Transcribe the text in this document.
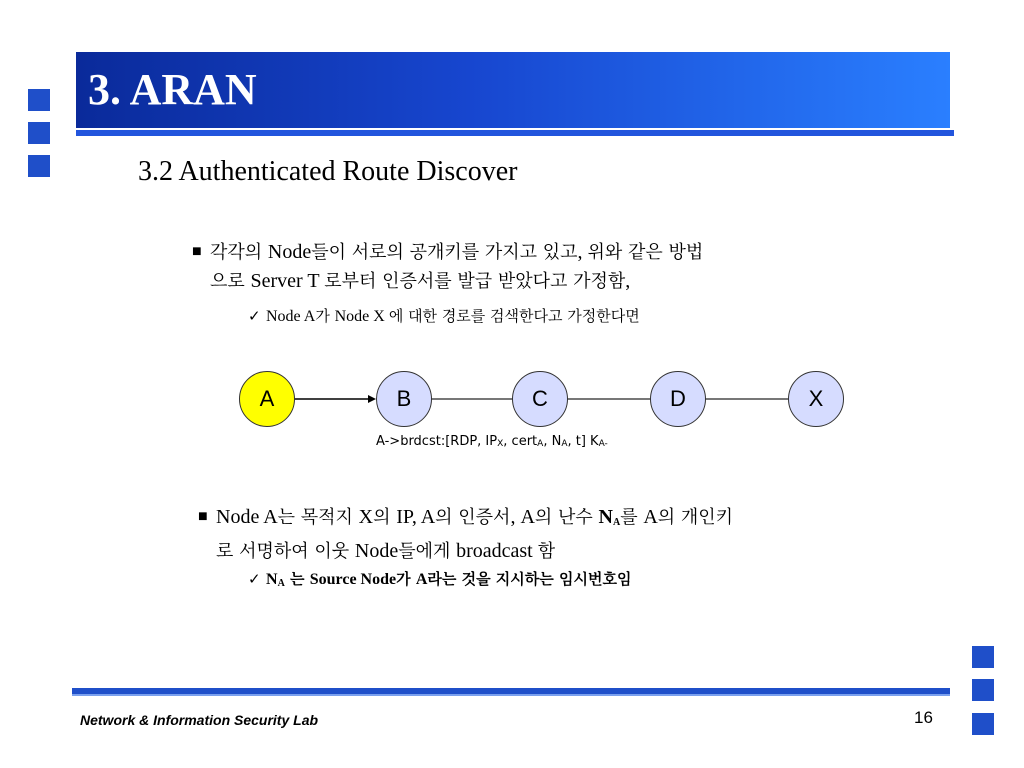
3. ARAN
3.2 Authenticated Route Discover
■ 각각의 Node들이 서로의 공개키를 가지고 있고, 위와 같은 방법
으로 Server T 로부터 인증서를 발급 받았다고 가정함,
✓ Node A가 Node X 에 대한 경로를 검색한다고 가정한다면
A	B	C	D	X
A->brdcst:[RDP, IPX, certA, NA, t] KA-
■ Node A는 목적지 X의 IP, A의 인증서, A의 난수 $N_A$를 A의 개인키
로 서명하여 이웃 Node들에게 broadcast 함
✓ $N_A$ 는 Source Node가 A라는 것을 지시하는 임시번호임
Network & Information Security Lab	16
